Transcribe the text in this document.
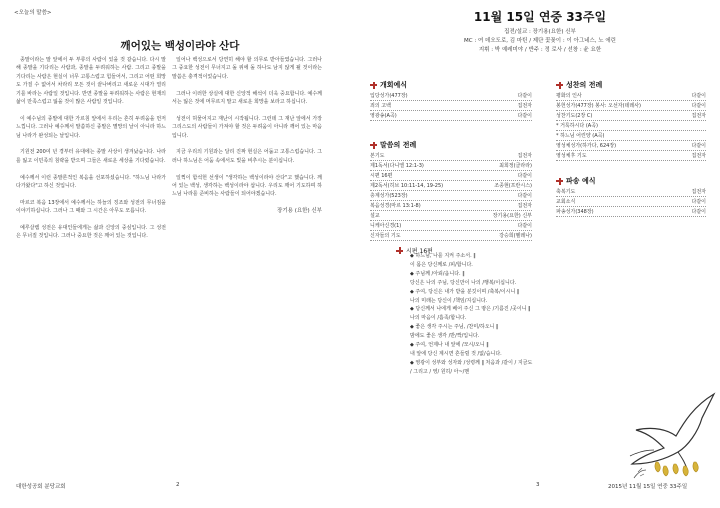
<오늘의 말씀>
깨어있는 백성이라야 산다

종말이라는 말 앞에서 두 부류의 사람이 있을 것 같습니다. 다시 말해 종말을 기다리는 사람과, 종말을 두려워하는 사람. 그리고 종말을 기다리는 사람은 현실이 너무 고통스럽고 힘들어서, 그리고 어떤 희망도 가질 수 없어서 차라리 모든 것이 끝나버리고 새로운 시대가 열리기를 바라는 사람일 것입니다. 반면 종말을 두려워하는 사람은 현재의 삶이 만족스럽고 잃을 것이 많은 사람일 것입니다.

이 예수님의 종말에 대한 가르침 앞에서 우리는 흔히 두려움을 먼저 느낍니다. 그러나 예수께서 말씀하신 종말은 멸망의 날이 아니라 하느님 나라가 완성되는 날입니다.

기원전 200여 년 경부터 유대에는 종말 사상이 생겨났습니다. 나라를 잃고 이민족의 침략을 받으며 그들은 새로운 세상을 기다렸습니다.

예수께서 이런 종말론적인 복음을 선포하셨습니다. "하느님 나라가 다가왔다"고 하신 것입니다.

마르코 복음 13장에서 예수께서는 하늘의 징조와 성전의 무너짐을 이야기하십니다. 그러나 그 때와 그 시간은 아무도 모릅니다.

예루살렘 성전은 유대인들에게는 삶과 신앙의 중심입니다. 그 성전은 무너질 것입니다. 그러나 중요한 것은 깨어 있는 것입니다.

일어나 백성으로서 당연히 해야 할 의무로 받아들였습니다. 그러나 그 중요한 성전이 무너지고 돌 위에 돌 하나도 남지 않게 될 것이라는 말씀은 충격적이었습니다.

그러나 이러한 상실에 대한 신앙적 해석이 더욱 중요합니다. 예수께서는 잃은 것에 머무르지 말고 새로운 희망을 보라고 하십니다.

성전이 허물어지고 재난이 시작됩니다. 그런데 그 재난 앞에서 가장 그리스도의 사람들이 가져야 할 것은 두려움이 아니라 깨어 있는 마음입니다.

지금 우리의 기원과는 달리 진짜 현실은 어둡고 고통스럽습니다. 그러나 하느님은 어둠 속에서도 빛을 비추시는 분이십니다.

일찍이 함석헌 선생이 "생각하는 백성이라야 산다"고 했습니다. 깨어 있는 백성, 생각하는 백성이라야 삽니다. 우리도 깨어 기도하며 하느님 나라를 준비하는 사람들이 되어야겠습니다.

장기용 (요한) 신부
대한성공회 분당교회	2
11월 15일 연중 33주일
집전/설교 : 장기용(요한) 신부
MC : 여 데오도로, 김 마틴 / 제단 꽃꽂이 : 이 아그네스, 노 에린
지휘 : 박 예레미야 / 반주 : 정 로사 / 선창 : 윤 요한
개회예식
입당성가(477장)	다같이
죄의 고백	집전자
영광송(A곡)	다같이
말씀의 전례
본기도	집전자
제1독서(다니엘 12:1-3)	최희정(클라라)
시편 16편	다같이
제2독서(히브 10:11-14, 19-25)	조종현(프란시스)
층계성가(523장)	다같이
복음성경(마르 13:1-8)	집전자
설교	장기용(요한) 신부
니케아신경(1)	다같이
신자들의 기도	강승희(헬레나)
성찬의 전례
평화의 인사	다같이
봉헌성가(477장) 봉사: 오선자(데레사)	다같이
성찬기도(2장 C)	집전자
* 거룩하시다 (A곡)
* 하느님 어린양 (A곡)
영성체성가(하가다, 624장)	다같이
영성체후 기도	집전자
파송 예식
축복기도	집전자
교회소식	다같이
파송성가(348장)	다같이
시편 16편
◆ 하느님, 나를 지켜 주소서. ‖
이 몸은 당신께로 /피/합니다.
◆ 주님께 /아뢰/옵니다. ‖
당신은 나의 주님, 당신만이 나의 /행복/이십니다.
◆ 주여, 당신은 내가 받을 분깃이며 /축복/이시니 ‖
나의 미래는 당신이 /책임/지십니다.
◆ 당신께서 나에게 베어 주신 그 땅은 /기름진 /곳이니 ‖
나의 마음이 /흡족/합니다.
◆ 좋은 생각 주시는 주님, /찬미/하오니 ‖
밤에도 좋은 생각 /반/짝/입니다.
◆ 주여, 언제나 내 앞에 /모시/오니 ‖
내 앞에 당신 계시면 흔들릴 것 /없/습니다.
◆ 영광이 성부와 성자와 /성령께 ‖ 처음과 /같이 / 지금도
/ 그리고 / 영/ 원히/ 아~/멘
3	2015년 11월 15일 연중 33주일
